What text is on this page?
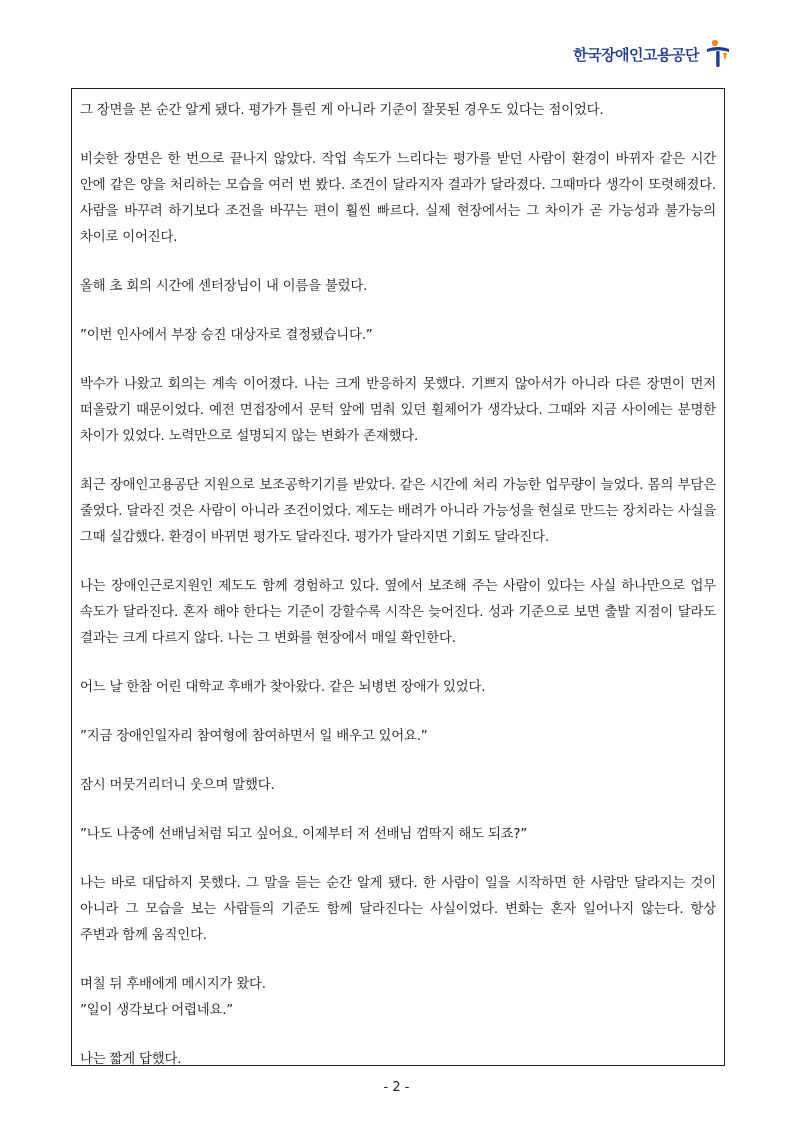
한국장애인고용공단

그 장면을 본 순간 알게 됐다. 평가가 틀린 게 아니라 기준이 잘못된 경우도 있다는 점이었다.

비슷한 장면은 한 번으로 끝나지 않았다. 작업 속도가 느리다는 평가를 받던 사람이 환경이 바뀌자 같은 시간 안에 같은 양을 처리하는 모습을 여러 번 봤다. 조건이 달라지자 결과가 달라졌다. 그때마다 생각이 또렷해졌다. 사람을 바꾸려 하기보다 조건을 바꾸는 편이 훨씬 빠르다. 실제 현장에서는 그 차이가 곧 가능성과 불가능의 차이로 이어진다.

올해 초 회의 시간에 센터장님이 내 이름을 불렀다.

”이번 인사에서 부장 승진 대상자로 결정됐습니다.”

박수가 나왔고 회의는 계속 이어졌다. 나는 크게 반응하지 못했다. 기쁘지 않아서가 아니라 다른 장면이 먼저 떠올랐기 때문이었다. 예전 면접장에서 문턱 앞에 멈춰 있던 휠체어가 생각났다. 그때와 지금 사이에는 분명한 차이가 있었다. 노력만으로 설명되지 않는 변화가 존재했다.

최근 장애인고용공단 지원으로 보조공학기기를 받았다. 같은 시간에 처리 가능한 업무량이 늘었다. 몸의 부담은 줄었다. 달라진 것은 사람이 아니라 조건이었다. 제도는 배려가 아니라 가능성을 현실로 만드는 장치라는 사실을 그때 실감했다. 환경이 바뀌면 평가도 달라진다. 평가가 달라지면 기회도 달라진다.

나는 장애인근로지원인 제도도 함께 경험하고 있다. 옆에서 보조해 주는 사람이 있다는 사실 하나만으로 업무 속도가 달라진다. 혼자 해야 한다는 기준이 강할수록 시작은 늦어진다. 성과 기준으로 보면 출발 지점이 달라도 결과는 크게 다르지 않다. 나는 그 변화를 현장에서 매일 확인한다.

어느 날 한참 어린 대학교 후배가 찾아왔다. 같은 뇌병변 장애가 있었다.

”지금 장애인일자리 참여형에 참여하면서 일 배우고 있어요.”

잠시 머뭇거리더니 웃으며 말했다.

”나도 나중에 선배님처럼 되고 싶어요. 이제부터 저 선배님 껌딱지 해도 되죠?”

나는 바로 대답하지 못했다. 그 말을 듣는 순간 알게 됐다. 한 사람이 일을 시작하면 한 사람만 달라지는 것이 아니라 그 모습을 보는 사람들의 기준도 함께 달라진다는 사실이었다. 변화는 혼자 일어나지 않는다. 항상 주변과 함께 움직인다.

며칠 뒤 후배에게 메시지가 왔다.

”일이 생각보다 어렵네요.”

나는 짧게 답했다.

- 2 -
